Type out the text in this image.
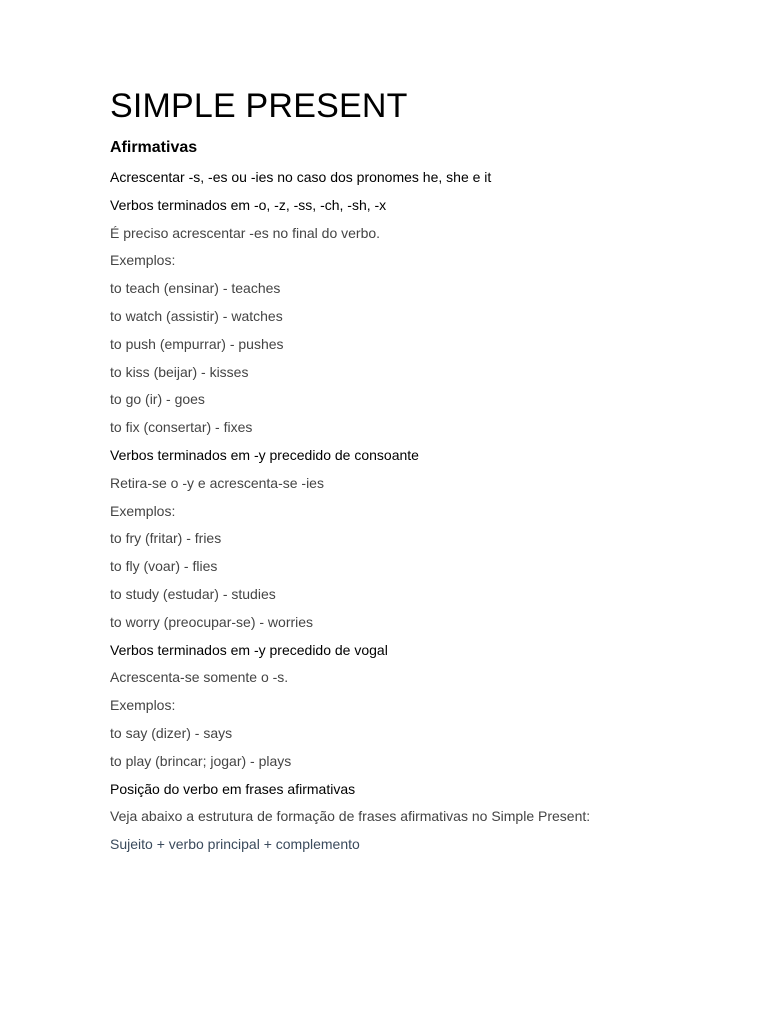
SIMPLE PRESENT
Afirmativas
Acrescentar -s, -es ou -ies no caso dos pronomes he, she e it
Verbos terminados em -o, -z, -ss, -ch, -sh, -x
É preciso acrescentar -es no final do verbo.
Exemplos:
to teach (ensinar) - teaches
to watch (assistir) - watches
to push (empurrar) - pushes
to kiss (beijar) - kisses
to go (ir) - goes
to fix (consertar) - fixes
Verbos terminados em -y precedido de consoante
Retira-se o -y e acrescenta-se -ies
Exemplos:
to fry (fritar) - fries
to fly (voar) - flies
to study (estudar) - studies
to worry (preocupar-se) - worries
Verbos terminados em -y precedido de vogal
Acrescenta-se somente o -s.
Exemplos:
to say (dizer) - says
to play (brincar; jogar) - plays
Posição do verbo em frases afirmativas
Veja abaixo a estrutura de formação de frases afirmativas no Simple Present:
Sujeito + verbo principal + complemento
